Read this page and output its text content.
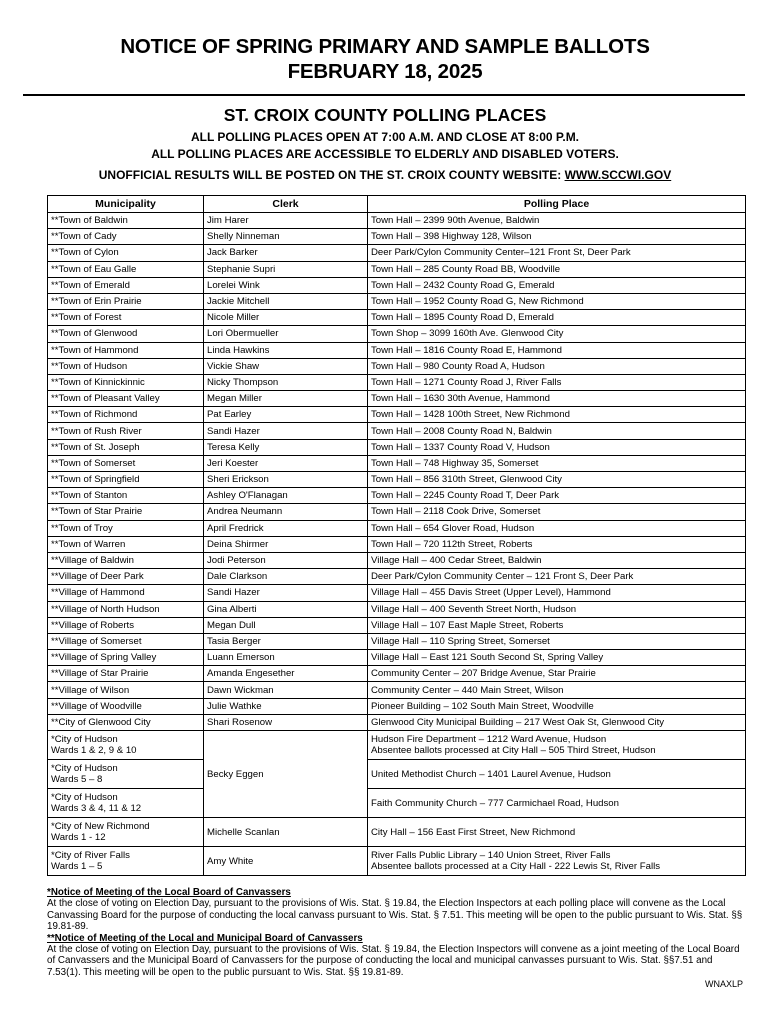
NOTICE OF SPRING PRIMARY AND SAMPLE BALLOTS
FEBRUARY 18, 2025
ST. CROIX COUNTY POLLING PLACES
ALL POLLING PLACES OPEN AT 7:00 A.M. AND CLOSE AT 8:00 P.M.
ALL POLLING PLACES ARE ACCESSIBLE TO ELDERLY AND DISABLED VOTERS.
UNOFFICIAL RESULTS WILL BE POSTED ON THE ST. CROIX COUNTY WEBSITE: WWW.SCCWI.GOV
Municipality	Clerk	Polling Place
**Town of Baldwin	Jim Harer	Town Hall – 2399 90th Avenue, Baldwin
**Town of Cady	Shelly Ninneman	Town Hall – 398 Highway 128, Wilson
**Town of Cylon	Jack Barker	Deer Park/Cylon Community Center–121 Front St, Deer Park
**Town of Eau Galle	Stephanie Supri	Town Hall – 285 County Road BB, Woodville
**Town of Emerald	Lorelei Wink	Town Hall – 2432 County Road G, Emerald
**Town of Erin Prairie	Jackie Mitchell	Town Hall – 1952 County Road G, New Richmond
**Town of Forest	Nicole Miller	Town Hall – 1895 County Road D, Emerald
**Town of Glenwood	Lori Obermueller	Town Shop – 3099 160th Ave. Glenwood City
**Town of Hammond	Linda Hawkins	Town Hall – 1816 County Road E, Hammond
**Town of Hudson	Vickie Shaw	Town Hall – 980 County Road A, Hudson
**Town of Kinnickinnic	Nicky Thompson	Town Hall – 1271 County Road J, River Falls
**Town of Pleasant Valley	Megan Miller	Town Hall – 1630 30th Avenue, Hammond
**Town of Richmond	Pat Earley	Town Hall – 1428 100th Street, New Richmond
**Town of Rush River	Sandi Hazer	Town Hall – 2008 County Road N, Baldwin
**Town of St. Joseph	Teresa Kelly	Town Hall – 1337 County Road V, Hudson
**Town of Somerset	Jeri Koester	Town Hall – 748 Highway 35, Somerset
**Town of Springfield	Sheri Erickson	Town Hall – 856 310th Street, Glenwood City
**Town of Stanton	Ashley O'Flanagan	Town Hall – 2245 County Road T, Deer Park
**Town of Star Prairie	Andrea Neumann	Town Hall – 2118 Cook Drive, Somerset
**Town of Troy	April Fredrick	Town Hall – 654 Glover Road, Hudson
**Town of Warren	Deina Shirmer	Town Hall – 720 112th Street, Roberts
**Village of Baldwin	Jodi Peterson	Village Hall – 400 Cedar Street, Baldwin
**Village of Deer Park	Dale Clarkson	Deer Park/Cylon Community Center – 121 Front S, Deer Park
**Village of Hammond	Sandi Hazer	Village Hall – 455 Davis Street (Upper Level), Hammond
**Village of North Hudson	Gina Alberti	Village Hall – 400 Seventh Street North, Hudson
**Village of Roberts	Megan Dull	Village Hall – 107 East Maple Street, Roberts
**Village of Somerset	Tasia Berger	Village Hall – 110 Spring Street, Somerset
**Village of Spring Valley	Luann Emerson	Village Hall – East 121 South Second St, Spring Valley
**Village of Star Prairie	Amanda Engesether	Community Center – 207 Bridge Avenue, Star Prairie
**Village of Wilson	Dawn Wickman	Community Center – 440 Main Street, Wilson
**Village of Woodville	Julie Wathke	Pioneer Building – 102 South Main Street, Woodville
**City of Glenwood City	Shari Rosenow	Glenwood City Municipal Building – 217 West Oak St, Glenwood City

*City of Hudson
Wards 1 & 2, 9 & 10	Becky Eggen	Hudson Fire Department – 1212 Ward Avenue, Hudson
Absentee ballots processed at City Hall – 505 Third Street, Hudson

*City of Hudson
Wards 5 – 8		United Methodist Church – 1401 Laurel Avenue, Hudson

*City of Hudson
Wards 3 & 4, 11 & 12		Faith Community Church – 777 Carmichael Road, Hudson

*City of New Richmond
Wards 1 - 12	Michelle Scanlan	City Hall – 156 East First Street, New Richmond

*City of River Falls
Wards 1 – 5	Amy White	River Falls Public Library – 140 Union Street, River Falls
Absentee ballots processed at a City Hall - 222 Lewis St, River Falls
*Notice of Meeting of the Local Board of Canvassers
At the close of voting on Election Day, pursuant to the provisions of Wis. Stat. § 19.84, the Election Inspectors at each polling place will convene as the Local Canvassing Board for the purpose of conducting the local canvass pursuant to Wis. Stat. § 7.51. This meeting will be open to the public pursuant to Wis. Stat. §§ 19.81-89.
**Notice of Meeting of the Local and Municipal Board of Canvassers
At the close of voting on Election Day, pursuant to the provisions of Wis. Stat. § 19.84, the Election Inspectors will convene as a joint meeting of the Local Board of Canvassers and the Municipal Board of Canvassers for the purpose of conducting the local and municipal canvasses pursuant to Wis. Stat. §§7.51 and 7.53(1). This meeting will be open to the public pursuant to Wis. Stat. §§ 19.81-89.
WNAXLP
